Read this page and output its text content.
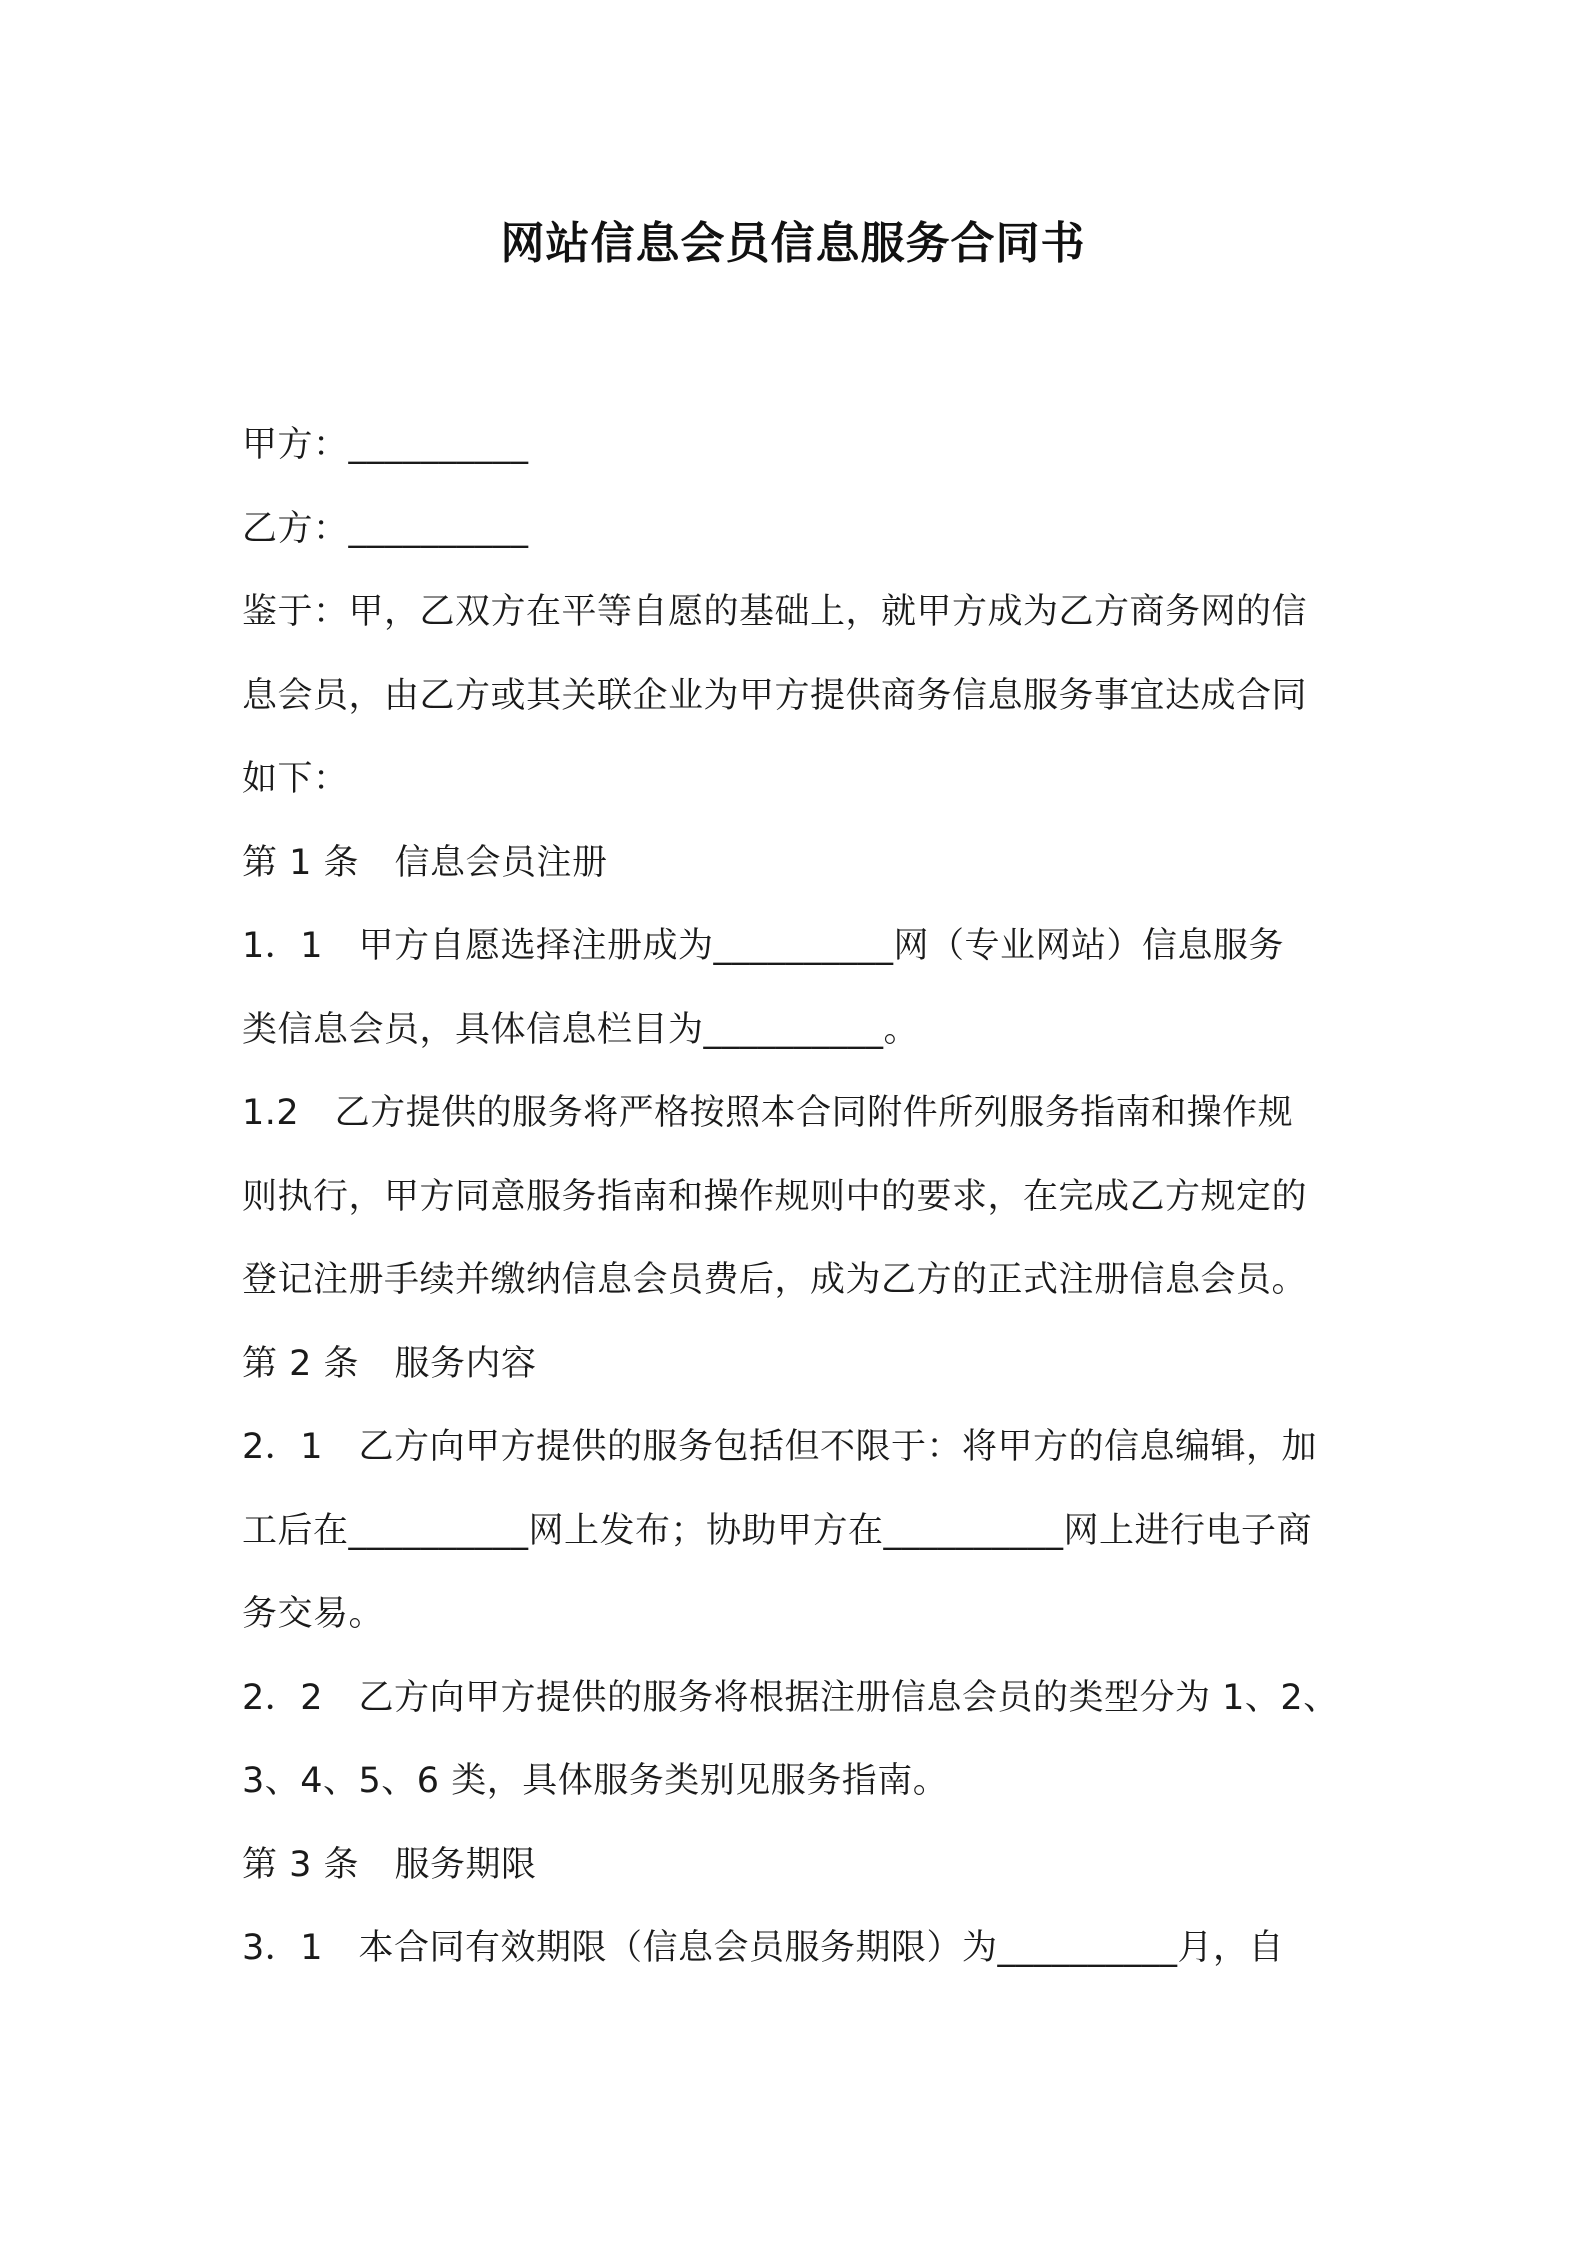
网站信息会员信息服务合同书
甲方：__________
乙方：__________
鉴于：甲，乙双方在平等自愿的基础上，就甲方成为乙方商务网的信
息会员，由乙方或其关联企业为甲方提供商务信息服务事宜达成合同
如下：
第 1 条　信息会员注册
1．1　甲方自愿选择注册成为__________网（专业网站）信息服务
类信息会员，具体信息栏目为__________。
1.2　乙方提供的服务将严格按照本合同附件所列服务指南和操作规
则执行，甲方同意服务指南和操作规则中的要求，在完成乙方规定的
登记注册手续并缴纳信息会员费后，成为乙方的正式注册信息会员。
第 2 条　服务内容
2．1　乙方向甲方提供的服务包括但不限于：将甲方的信息编辑，加
工后在__________网上发布；协助甲方在__________网上进行电子商
务交易。
2．2　乙方向甲方提供的服务将根据注册信息会员的类型分为 1、2、
3、4、5、6 类，具体服务类别见服务指南。
第 3 条　服务期限
3．1　本合同有效期限（信息会员服务期限）为__________月，自
